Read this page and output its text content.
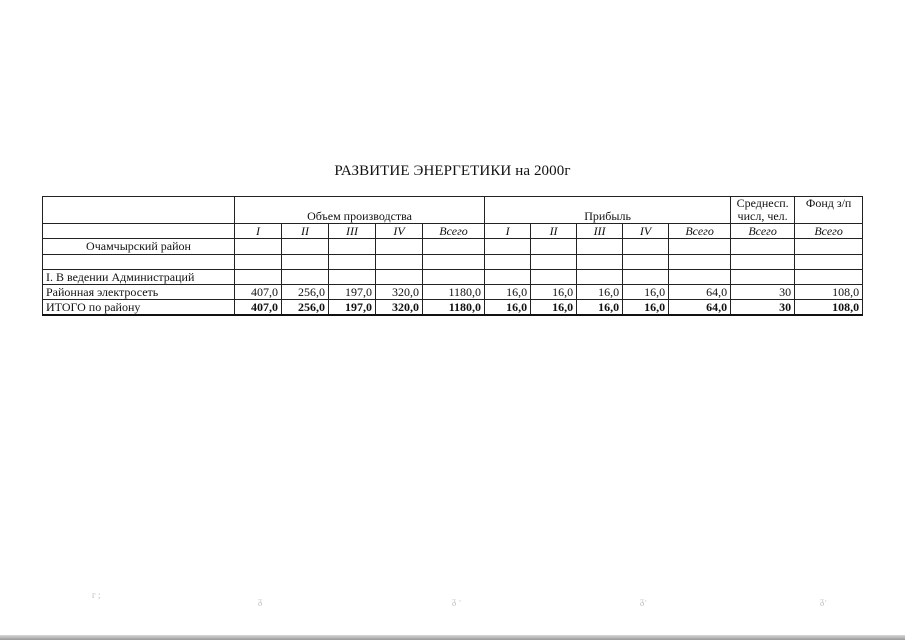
РАЗВИТИЕ ЭНЕРГЕТИКИ на 2000г
	Объем производства					Прибыль					Среднесп. числ, чел.	Фонд з/п
	I	II	III	IV	Всего	I	II	III	IV	Всего	Всего	Всего
Очамчырский район												

I. В ведении Администраций												
Районная электросеть	407,0	256,0	197,0	320,0	1180,0	16,0	16,0	16,0	16,0	64,0	30	108,0
ИТОГО по району	407,0	256,0	197,0	320,0	1180,0	16,0	16,0	16,0	16,0	64,0	30	108,0
ᴦ ;
ᵹ	ᵹ ·	ᵹ·	ᵹ·
